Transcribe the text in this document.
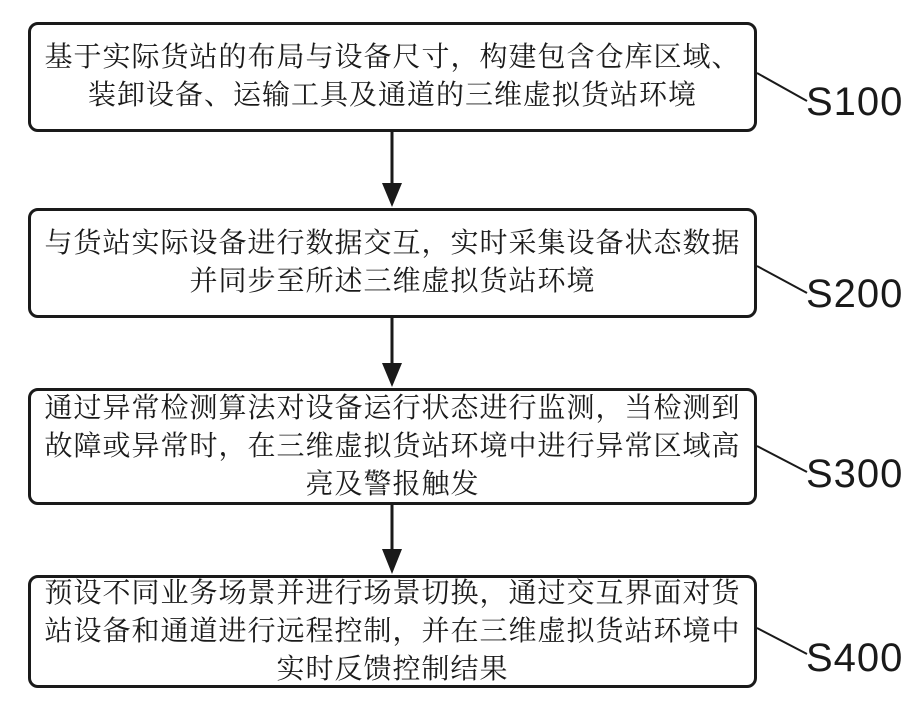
基于实际货站的布局与设备尺寸，构建包含仓库区域、
装卸设备、运输工具及通道的三维虚拟货站环境
与货站实际设备进行数据交互，实时采集设备状态数据
并同步至所述三维虚拟货站环境
通过异常检测算法对设备运行状态进行监测，当检测到
故障或异常时，在三维虚拟货站环境中进行异常区域高
亮及警报触发
预设不同业务场景并进行场景切换，通过交互界面对货
站设备和通道进行远程控制，并在三维虚拟货站环境中
实时反馈控制结果
S100
S200
S300
S400
